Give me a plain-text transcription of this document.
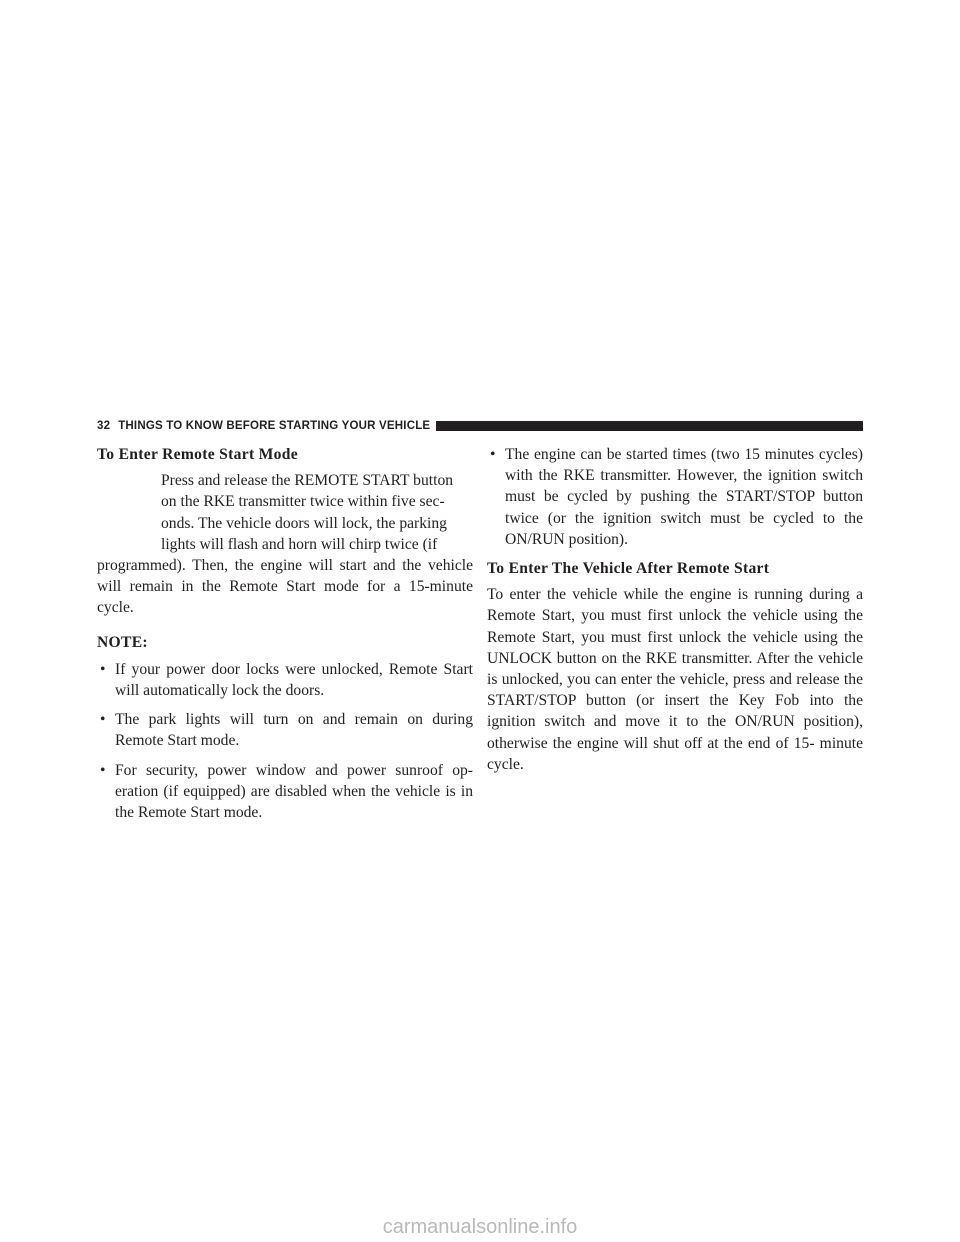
32 THINGS TO KNOW BEFORE STARTING YOUR VEHICLE
To Enter Remote Start Mode

Press and release the REMOTE START button
on the RKE transmitter twice within five sec-
onds. The vehicle doors will lock, the parking
lights will flash and horn will chirp twice (if
programmed). Then, the engine will start and the vehicle will remain in the Remote Start mode for a 15-minute cycle.

NOTE:
• If your power door locks were unlocked, Remote Start will automatically lock the doors.
• The park lights will turn on and remain on during Remote Start mode.
• For security, power window and power sunroof op- eration (if equipped) are disabled when the vehicle is in the Remote Start mode.
• The engine can be started times (two 15 minutes cycles) with the RKE transmitter. However, the ignition switch must be cycled by pushing the START/STOP button twice (or the ignition switch must be cycled to the ON/RUN position).
To Enter The Vehicle After Remote Start

To enter the vehicle while the engine is running during a Remote Start, you must first unlock the vehicle using the Remote Start, you must first unlock the vehicle using the UNLOCK button on the RKE transmitter. After the vehicle is unlocked, you can enter the vehicle, press and release the START/STOP button (or insert the Key Fob into the ignition switch and move it to the ON/RUN position), otherwise the engine will shut off at the end of 15- minute cycle.

carmanualsonline.info
